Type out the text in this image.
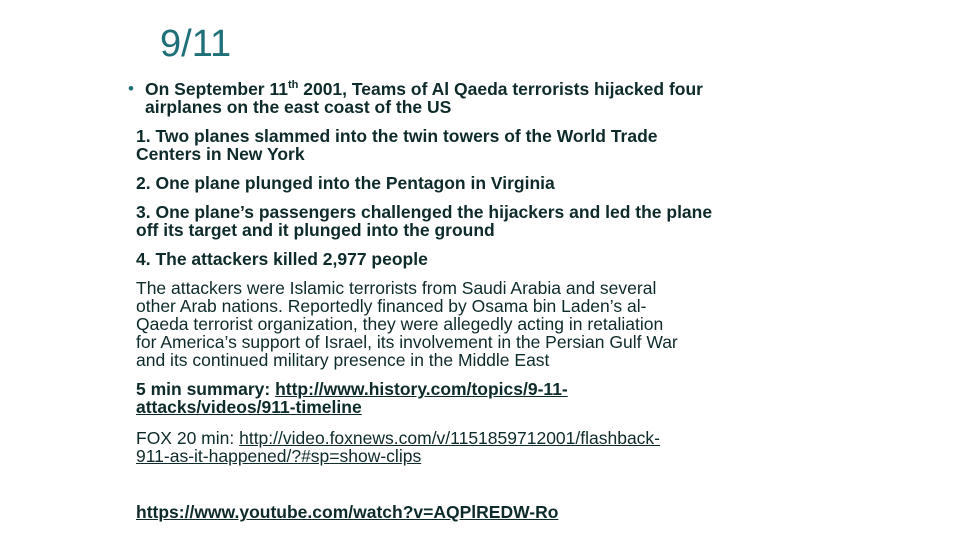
9/11
• On September 11th 2001, Teams of Al Qaeda terrorists hijacked four
airplanes on the east coast of the US
1. Two planes slammed into the twin towers of the World Trade
Centers in New York
2. One plane plunged into the Pentagon in Virginia
3. One plane’s passengers challenged the hijackers and led the plane
off its target and it plunged into the ground
4. The attackers killed 2,977 people
The attackers were Islamic terrorists from Saudi Arabia and several
other Arab nations. Reportedly financed by Osama bin Laden’s al-
Qaeda terrorist organization, they were allegedly acting in retaliation
for America’s support of Israel, its involvement in the Persian Gulf War
and its continued military presence in the Middle East
5 min summary: http://www.history.com/topics/9-11-
attacks/videos/911-timeline
FOX 20 min: http://video.foxnews.com/v/1151859712001/flashback-
911-as-it-happened/?#sp=show-clips
https://www.youtube.com/watch?v=AQPlREDW-Ro
